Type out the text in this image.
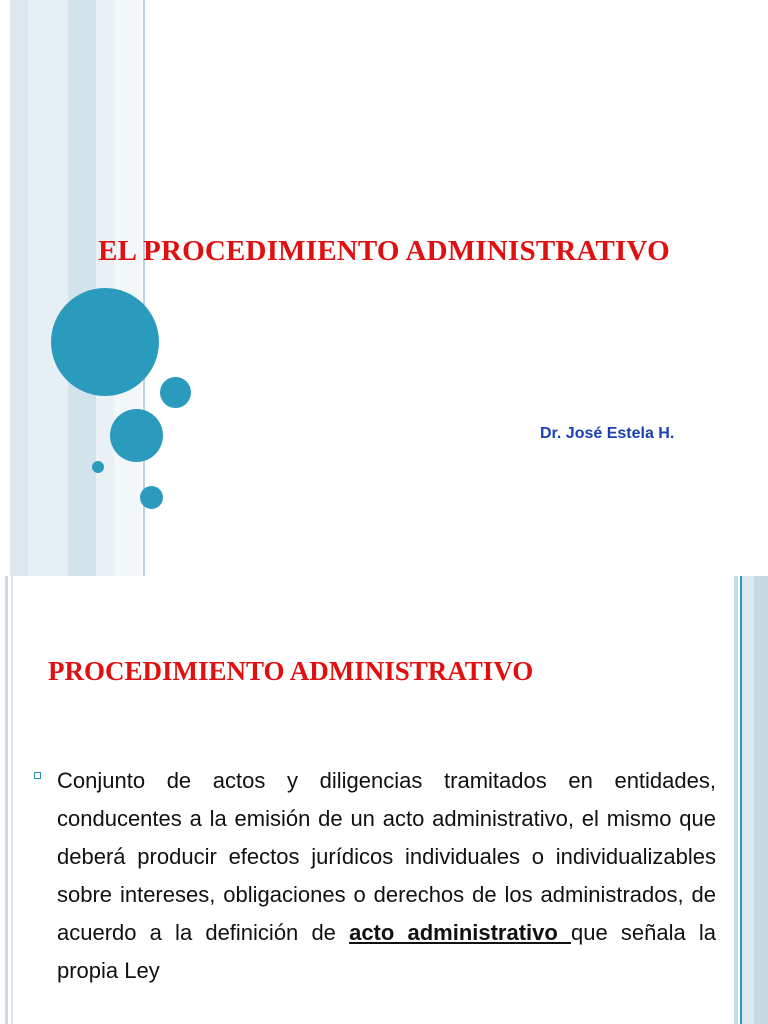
EL PROCEDIMIENTO ADMINISTRATIVO
Dr. José Estela H.
PROCEDIMIENTO ADMINISTRATIVO
Conjunto de actos y diligencias tramitados en entidades, conducentes a la emisión de un acto administrativo, el mismo que deberá producir efectos jurídicos individuales o individualizables sobre intereses, obligaciones o derechos de los administrados, de acuerdo a la definición de acto administrativo que señala la propia Ley
